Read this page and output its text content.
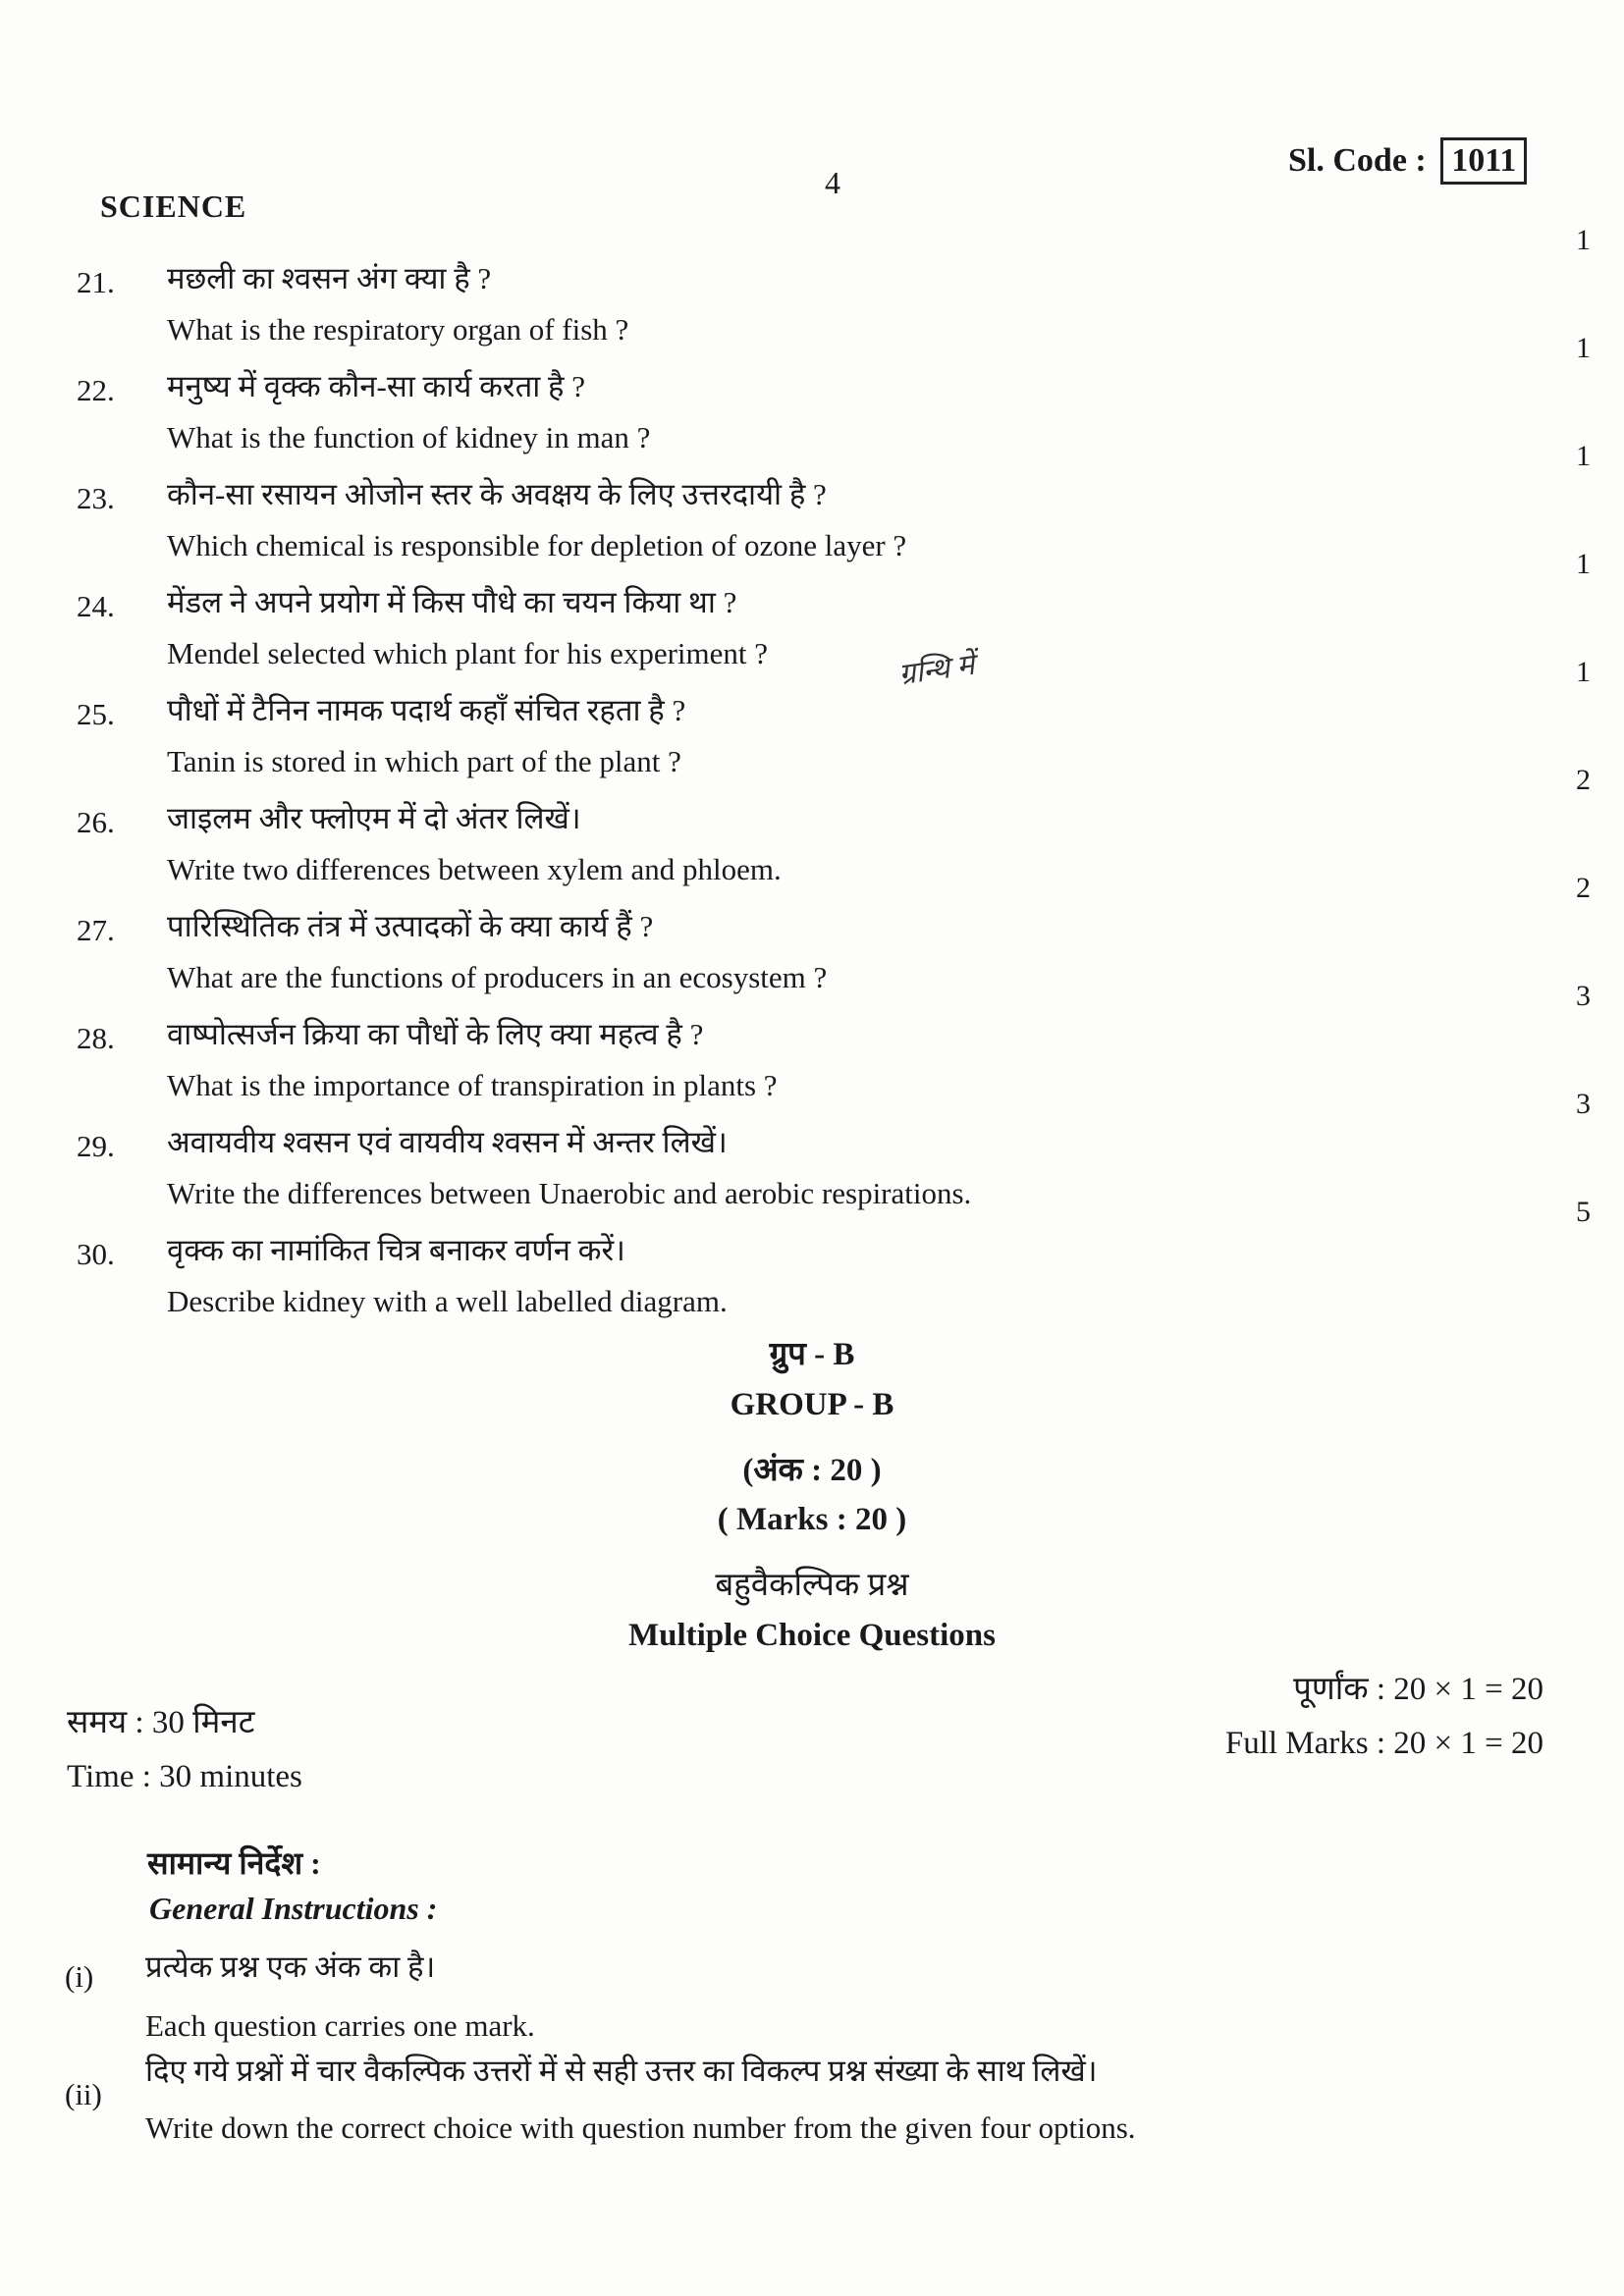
SCIENCE
4
Sl. Code : 1011
21. मछली का श्वसन अंग क्या है ?
What is the respiratory organ of fish ?
22. मनुष्य में वृक्क कौन-सा कार्य करता है ?
What is the function of kidney in man ?
23. कौन-सा रसायन ओजोन स्तर के अवक्षय के लिए उत्तरदायी है ?
Which chemical is responsible for depletion of ozone layer ?
24. मेंडल ने अपने प्रयोग में किस पौधे का चयन किया था ?
Mendel selected which plant for his experiment ?
25. पौधों में टैनिन नामक पदार्थ कहाँ संचित रहता है ?
Tanin is stored in which part of the plant ?
26. जाइलम और फ्लोएम में दो अंतर लिखें।
Write two differences between xylem and phloem.
27. पारिस्थितिक तंत्र में उत्पादकों के क्या कार्य हैं ?
What are the functions of producers in an ecosystem ?
28. वाष्पोत्सर्जन क्रिया का पौधों के लिए क्या महत्व है ?
What is the importance of transpiration in plants ?
29. अवायवीय श्वसन एवं वायवीय श्वसन में अन्तर लिखें।
Write the differences between Unaerobic and aerobic respirations.
30. वृक्क का नामांकित चित्र बनाकर वर्णन करें।
Describe kidney with a well labelled diagram.
1
1
1
1
1
2
2
3
3
5
ग्रन्थि में
ग्रुप - B
GROUP - B
(अंक : 20 )
( Marks : 20 )
बहुवैकल्पिक प्रश्न
Multiple Choice Questions
पूर्णांक : 20 × 1 = 20
Full Marks : 20 × 1 = 20
समय : 30 मिनट
Time : 30 minutes
सामान्य निर्देश :
General Instructions :
(i) प्रत्येक प्रश्न एक अंक का है।
Each question carries one mark.
(ii)
दिए गये प्रश्नों में चार वैकल्पिक उत्तरों में से सही उत्तर का विकल्प प्रश्न संख्या के साथ लिखें।
Write down the correct choice with question number from the given four options.
